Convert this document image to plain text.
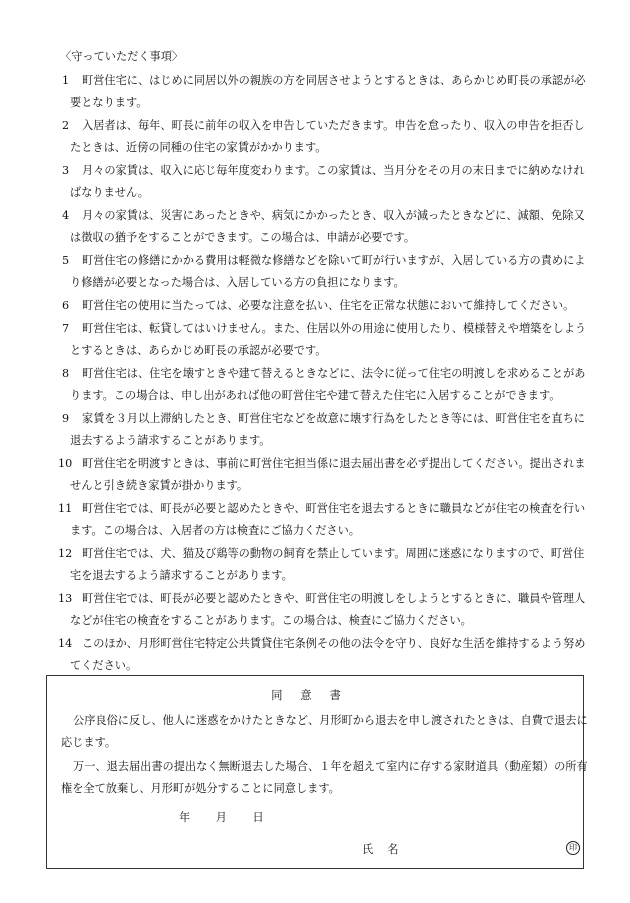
〈守っていただく事項〉
1 町営住宅に、はじめに同居以外の親族の方を同居させようとするときは、あらかじめ町長の承認が必
要となります。
2 入居者は、毎年、町長に前年の収入を申告していただきます。申告を怠ったり、収入の申告を拒否し
たときは、近傍の同種の住宅の家賃がかかります。
3 月々の家賃は、収入に応じ毎年度変わります。この家賃は、当月分をその月の末日までに納めなけれ
ばなりません。
4 月々の家賃は、災害にあったときや、病気にかかったとき、収入が減ったときなどに、減額、免除又
は徴収の猶予をすることができます。この場合は、申請が必要です。
5 町営住宅の修繕にかかる費用は軽微な修繕などを除いて町が行いますが、入居している方の責めによ
り修繕が必要となった場合は、入居している方の負担になります。
6 町営住宅の使用に当たっては、必要な注意を払い、住宅を正常な状態において維持してください。
7 町営住宅は、転貸してはいけません。また、住居以外の用途に使用したり、模様替えや増築をしよう
とするときは、あらかじめ町長の承認が必要です。
8 町営住宅は、住宅を壊すときや建て替えるときなどに、法令に従って住宅の明渡しを求めることがあ
ります。この場合は、申し出があれば他の町営住宅や建て替えた住宅に入居することができます。
9 家賃を３月以上滞納したとき、町営住宅などを故意に壊す行為をしたとき等には、町営住宅を直ちに
退去するよう請求することがあります。
10 町営住宅を明渡すときは、事前に町営住宅担当係に退去届出書を必ず提出してください。提出されま
せんと引き続き家賃が掛かります。
11 町営住宅では、町長が必要と認めたときや、町営住宅を退去するときに職員などが住宅の検査を行い
ます。この場合は、入居者の方は検査にご協力ください。
12 町営住宅では、犬、猫及び鶏等の動物の飼育を禁止しています。周囲に迷惑になりますので、町営住
宅を退去するよう請求することがあります。
13 町営住宅では、町長が必要と認めたときや、町営住宅の明渡しをしようとするときに、職員や管理人
などが住宅の検査をすることがあります。この場合は、検査にご協力ください。
14 このほか、月形町営住宅特定公共賃貸住宅条例その他の法令を守り、良好な生活を維持するよう努め
てください。
同意書
公序良俗に反し、他人に迷惑をかけたときなど、月形町から退去を申し渡されたときは、自費で退去に
応じます。
万一、退去届出書の提出なく無断退去した場合、１年を超えて室内に存する家財道具（動産類）の所有
権を全て放棄し、月形町が処分することに同意します。
年 月 日
氏名	印
